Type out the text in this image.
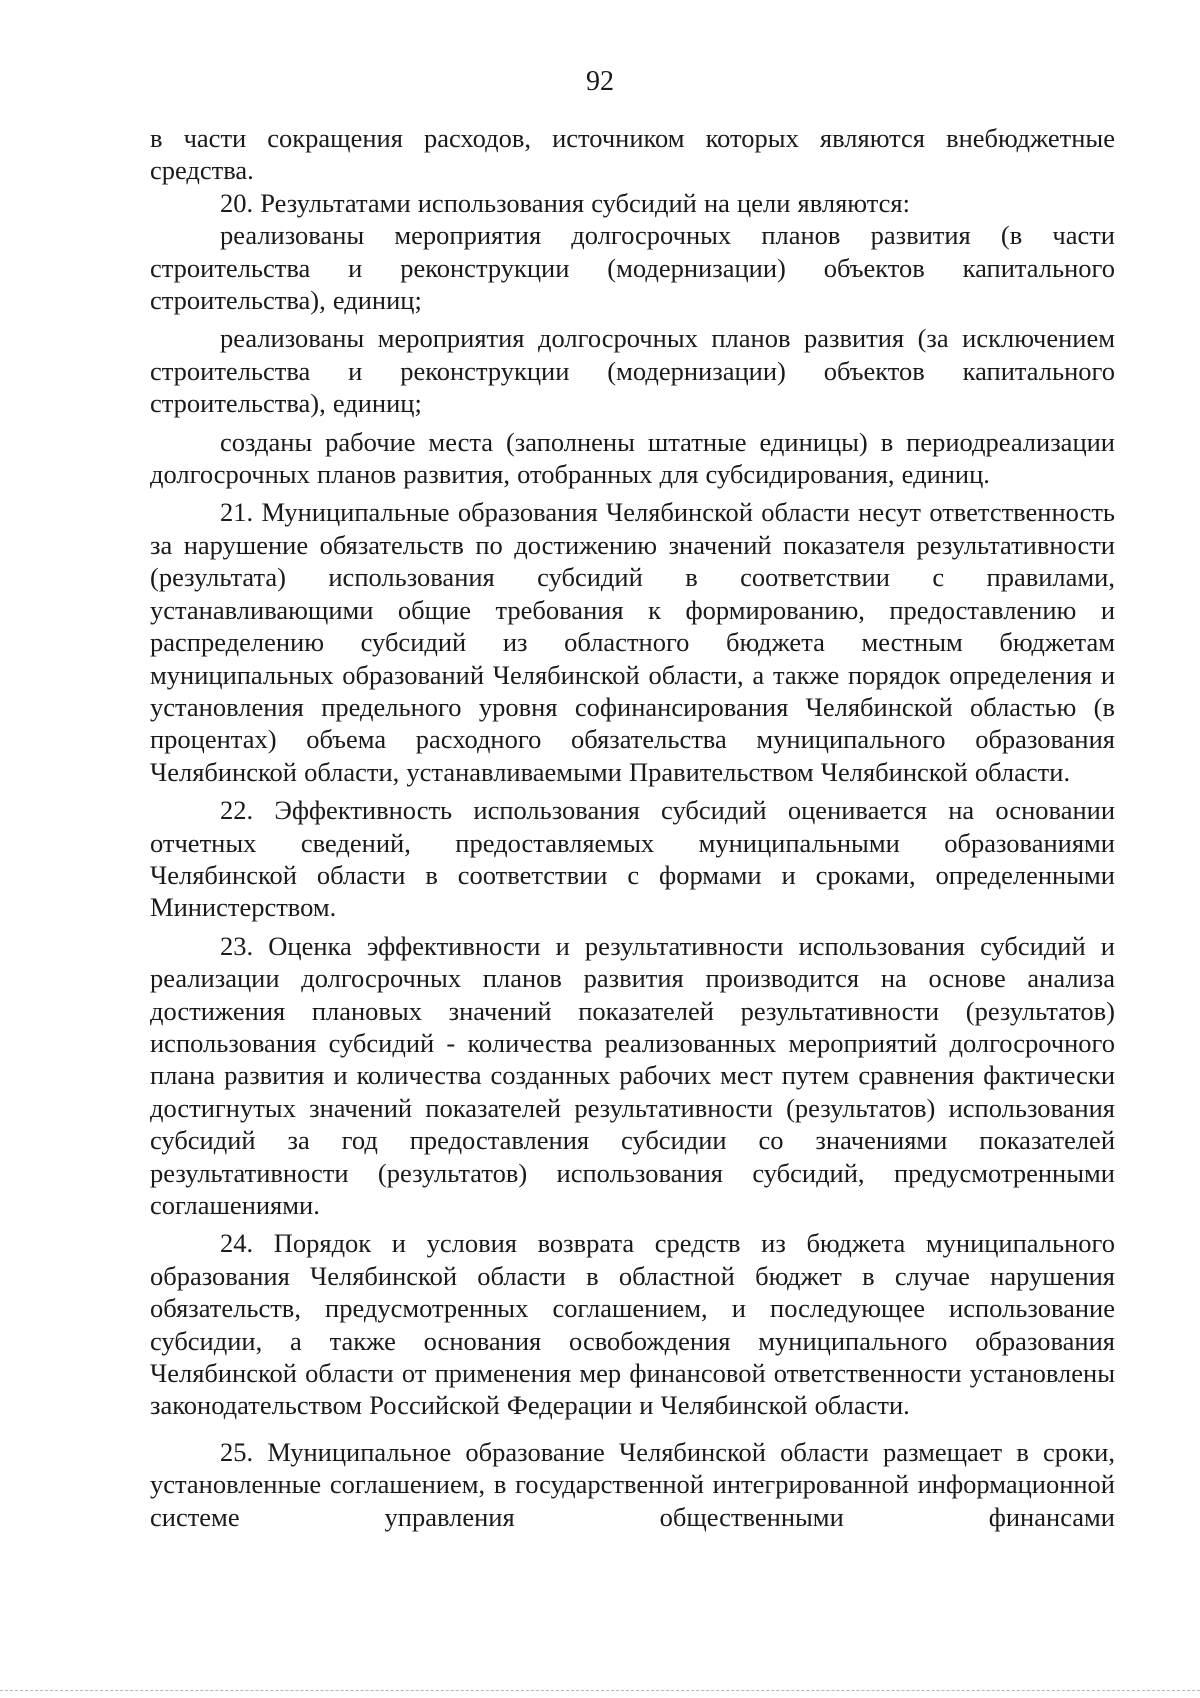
92

в части сокращения расходов, источником которых являются внебюджетные средства.

20. Результатами использования субсидий на цели являются:

реализованы мероприятия долгосрочных планов развития (в части строительства и реконструкции (модернизации) объектов капитального строительства), единиц;

реализованы мероприятия долгосрочных планов развития (за исключением строительства и реконструкции (модернизации) объектов капитального строительства), единиц;

созданы рабочие места (заполнены штатные единицы) в периодреализации долгосрочных планов развития, отобранных для субсидирования, единиц.

21. Муниципальные образования Челябинской области несут ответственность за нарушение обязательств по достижению значений показателя результативности (результата) использования субсидий в соответствии с правилами, устанавливающими общие требования к формированию, предоставлению и распределению субсидий из областного бюджета местным бюджетам муниципальных образований Челябинской области, а также порядок определения и установления предельного уровня софинансирования Челябинской областью (в процентах) объема расходного обязательства муниципального образования Челябинской области, устанавливаемыми Правительством Челябинской области.

22. Эффективность использования субсидий оценивается на основании отчетных сведений, предоставляемых муниципальными образованиями Челябинской области в соответствии с формами и сроками, определенными Министерством.

23. Оценка эффективности и результативности использования субсидий и реализации долгосрочных планов развития производится на основе анализа достижения плановых значений показателей результативности (результатов) использования субсидий - количества реализованных мероприятий долгосрочного плана развития и количества созданных рабочих мест путем сравнения фактически достигнутых значений показателей результативности (результатов) использования субсидий за год предоставления субсидии со значениями показателей результативности (результатов) использования субсидий, предусмотренными соглашениями.

24. Порядок и условия возврата средств из бюджета муниципального образования Челябинской области в областной бюджет в случае нарушения обязательств, предусмотренных соглашением, и последующее использование субсидии, а также основания освобождения муниципального образования Челябинской области от применения мер финансовой ответственности установлены законодательством Российской Федерации и Челябинской области.

25. Муниципальное образование Челябинской области размещает в сроки, установленные соглашением, в государственной интегрированной информационной системе управления общественными финансами
